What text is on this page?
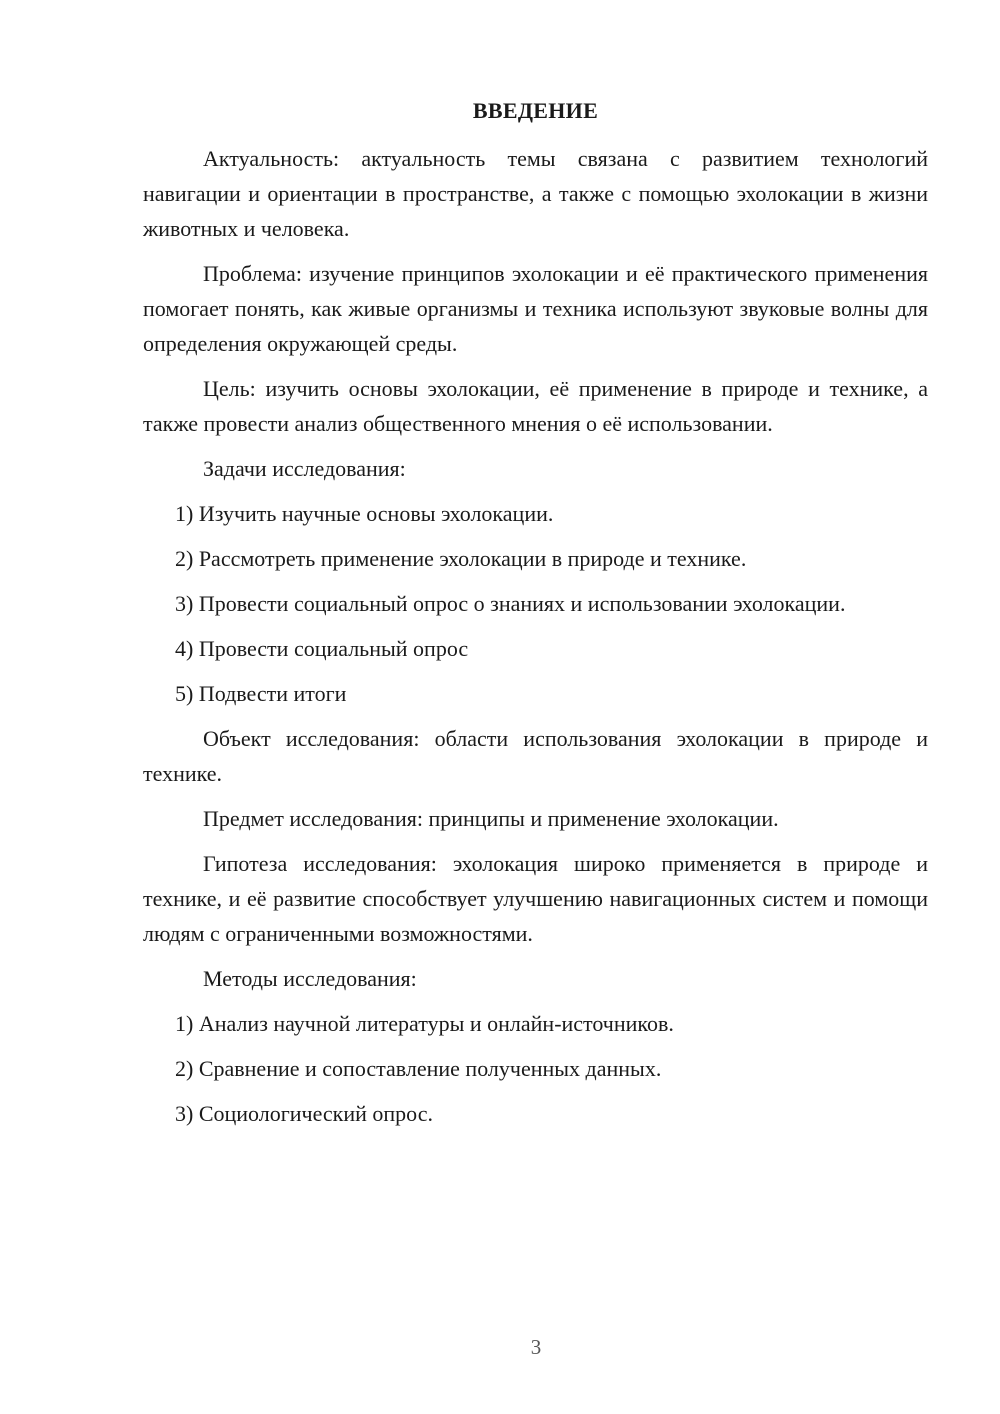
ВВЕДЕНИЕ

Актуальность: актуальность темы связана с развитием технологий навигации и ориентации в пространстве, а также с помощью эхолокации в жизни животных и человека.

Проблема: изучение принципов эхолокации и её практического применения помогает понять, как живые организмы и техника используют звуковые волны для определения окружающей среды.

Цель: изучить основы эхолокации, её применение в природе и технике, а также провести анализ общественного мнения о её использовании.

Задачи исследования:

1) Изучить научные основы эхолокации.

2) Рассмотреть применение эхолокации в природе и технике.

3) Провести социальный опрос о знаниях и использовании эхолокации.

4) Провести социальный опрос

5) Подвести итоги

Объект исследования: области использования эхолокации в природе и технике.

Предмет исследования: принципы и применение эхолокации.

Гипотеза исследования: эхолокация широко применяется в природе и технике, и её развитие способствует улучшению навигационных систем и помощи людям с ограниченными возможностями.

Методы исследования:

1) Анализ научной литературы и онлайн-источников.

2) Сравнение и сопоставление полученных данных.

3) Социологический опрос.

3
